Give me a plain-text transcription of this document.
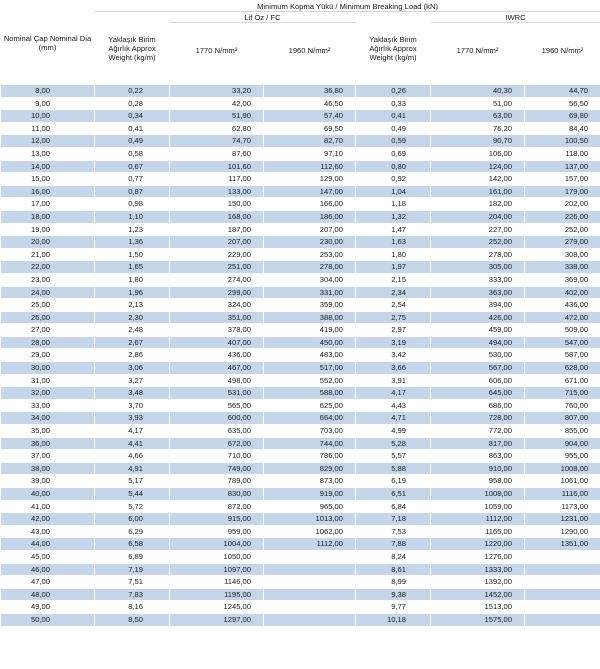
Nominal Çap Nominal Dia (mm)	Minimum Kopma Yükü / Minimum Breaking Load (kN)					
	Yaklaşık Birim Ağırlık Approx Weight (kg/m)	Lif Öz / FC		Yaklaşık Birim Ağırlık Approx Weight (kg/m)	IWRC	
		1770 N/mm²	1960 N/mm²		1770 N/mm²	1960 N/mm²

8,00	0,22	33,20	36,80	0,26	40,30	44,70
9,00	0,28	42,00	46,50	0,33	51,00	56,50
10,00	0,34	51,90	57,40	0,41	63,00	69,80
11,00	0,41	62,80	69,50	0,49	76,20	84,40
12,00	0,49	74,70	82,70	0,59	90,70	100,50
13,00	0,58	87,60	97,10	0,69	106,00	118,00
14,00	0,67	101,60	112,60	0,80	124,00	137,00
15,00	0,77	117,00	129,00	0,92	142,00	157,00
16,00	0,87	133,00	147,00	1,04	161,00	179,00
17,00	0,98	150,00	166,00	1,18	182,00	202,00
18,00	1,10	168,00	186,00	1,32	204,00	226,00
19,00	1,23	187,00	207,00	1,47	227,00	252,00
20,00	1,36	207,00	230,00	1,63	252,00	279,00
21,00	1,50	229,00	253,00	1,80	278,00	308,00
22,00	1,65	251,00	278,00	1,97	305,00	338,00
23,00	1,80	274,00	304,00	2,15	333,00	369,00
24,00	1,96	299,00	331,00	2,34	363,00	402,00
25,00	2,13	324,00	359,00	2,54	394,00	436,00
26,00	2,30	351,00	388,00	2,75	426,00	472,00
27,00	2,48	378,00	419,00	2,97	459,00	509,00
28,00	2,67	407,00	450,00	3,19	494,00	547,00
29,00	2,86	436,00	483,00	3,42	530,00	587,00
30,00	3,06	467,00	517,00	3,66	567,00	628,00
31,00	3,27	498,00	552,00	3,91	606,00	671,00
32,00	3,48	531,00	588,00	4,17	645,00	715,00
33,00	3,70	565,00	625,00	4,43	686,00	760,00
34,00	3,93	600,00	664,00	4,71	728,00	807,00
35,00	4,17	635,00	703,00	4,99	772,00	855,00
36,00	4,41	672,00	744,00	5,28	817,00	904,00
37,00	4,66	710,00	786,00	5,57	863,00	955,00
38,00	4,91	749,00	829,00	5,88	910,00	1008,00
39,00	5,17	789,00	873,00	6,19	958,00	1061,00
40,00	5,44	830,00	919,00	6,51	1008,00	1116,00
41,00	5,72	872,00	965,00	6,84	1059,00	1173,00
42,00	6,00	915,00	1013,00	7,18	1112,00	1231,00
43,00	6,29	959,00	1062,00	7,53	1165,00	1290,00
44,00	6,58	1004,00	1112,00	7,88	1220,00	1351,00
45,00	6,89	1050,00		8,24	1276,00	
46,00	7,19	1097,00		8,61	1333,00	
47,00	7,51	1146,00		8,99	1392,00	
48,00	7,83	1195,00		9,38	1452,00	
49,00	8,16	1245,00		9,77	1513,00	
50,00	8,50	1297,00		10,18	1575,00	
